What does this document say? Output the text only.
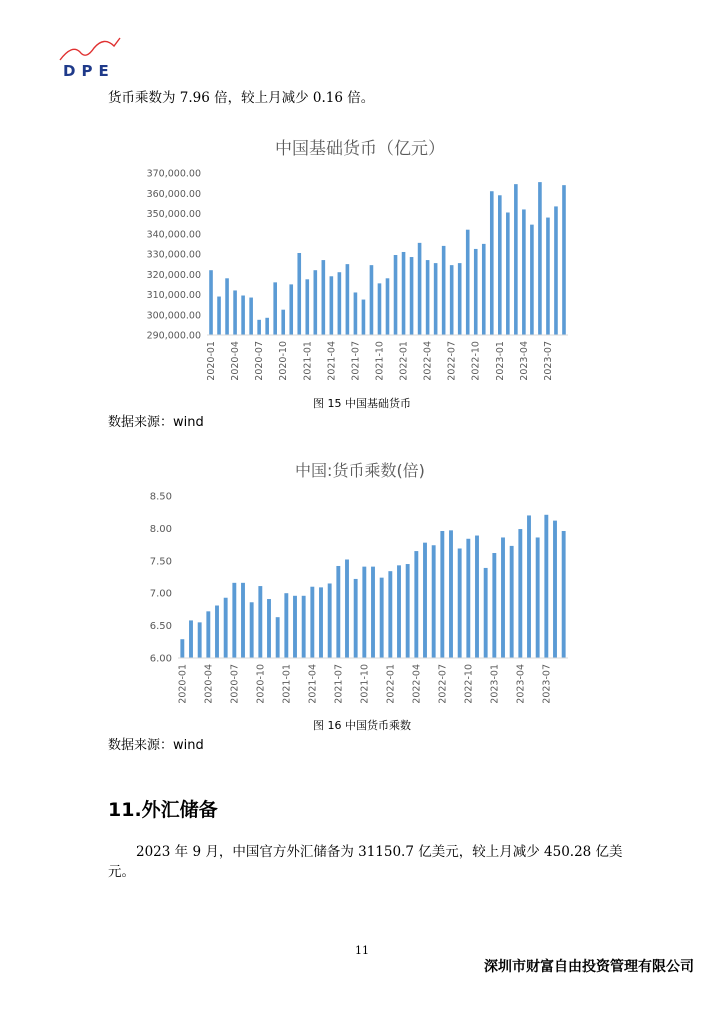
DPE
货币乘数为 7.96 倍，较上月减少 0.16 倍。
中国基础货币（亿元）
370,000.00
360,000.00
350,000.00
340,000.00
330,000.00
320,000.00
310,000.00
300,000.00
290,000.00
2020-01 2020-04 2020-07 2020-10 2021-01 2021-04 2021-07 2021-10 2022-01 2022-04 2022-07 2022-10 2023-01 2023-04 2023-07
图 15 中国基础货币
数据来源：wind
中国:货币乘数(倍)
8.50
8.00
7.50
7.00
6.50
6.00
2020-01 2020-04 2020-07 2020-10 2021-01 2021-04 2021-07 2021-10 2022-01 2022-04 2022-07 2022-10 2023-01 2023-04 2023-07
图 16 中国货币乘数
数据来源：wind
11.外汇储备
2023 年 9 月，中国官方外汇储备为 31150.7 亿美元，较上月减少 450.28 亿美
元。
11
深圳市财富自由投资管理有限公司
